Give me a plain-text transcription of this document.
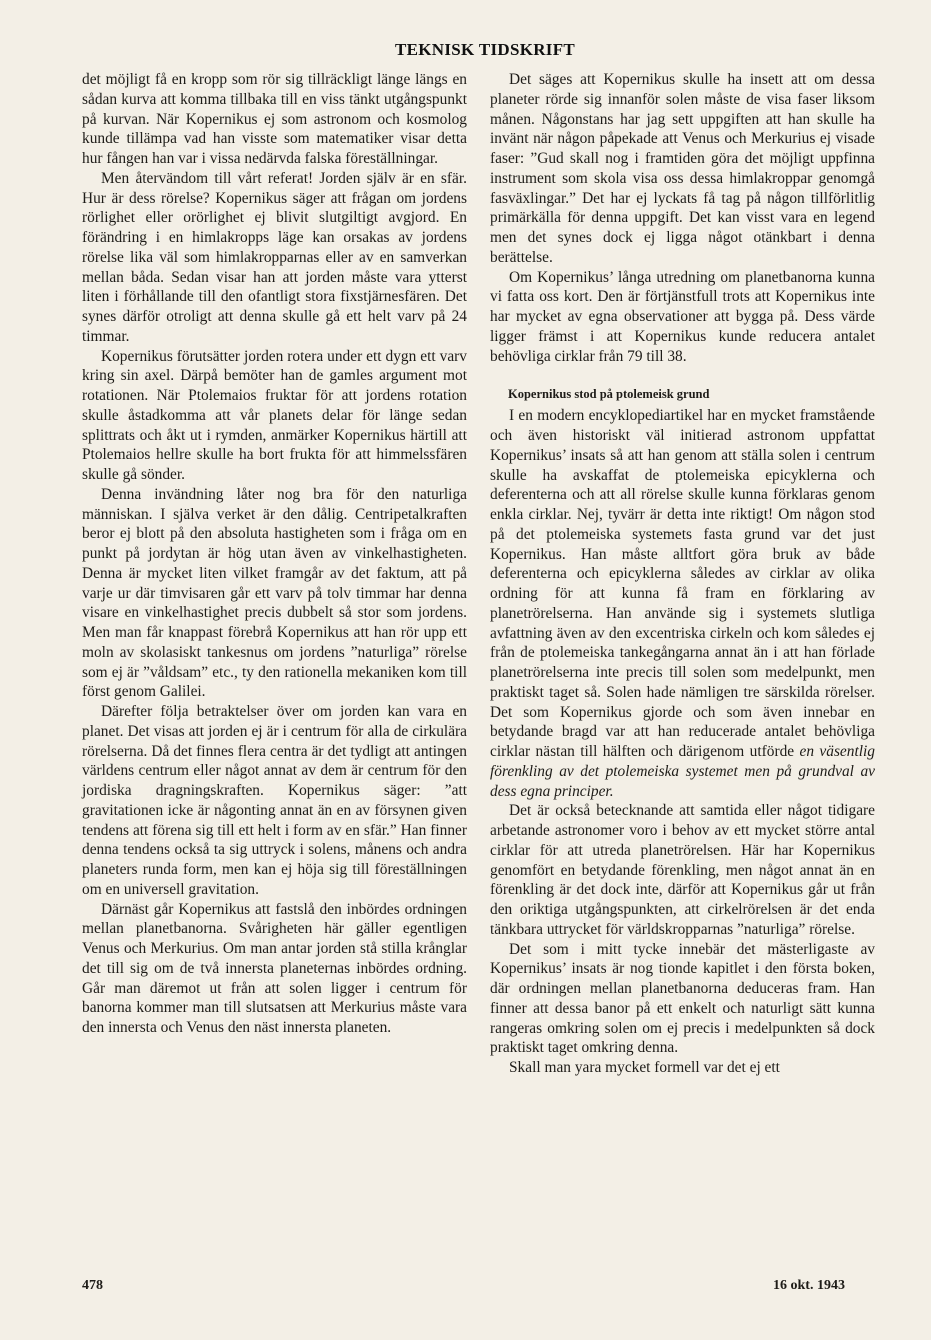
TEKNISK TIDSKRIFT

det möjligt få en kropp som rör sig tillräckligt länge längs en sådan kurva att komma tillbaka till en viss tänkt utgångspunkt på kurvan. När Kopernikus ej som astronom och kosmolog kunde tillämpa vad han visste som matematiker visar detta hur fången han var i vissa nedärvda falska föreställningar.

Men återvändom till vårt referat! Jorden själv är en sfär. Hur är dess rörelse? Kopernikus säger att frågan om jordens rörlighet eller orörlighet ej blivit slutgiltigt avgjord. En förändring i en himlakropps läge kan orsakas av jordens rörelse lika väl som himlakropparnas eller av en samverkan mellan båda. Sedan visar han att jorden måste vara ytterst liten i förhållande till den ofantligt stora fixstjärnesfären. Det synes därför otroligt att denna skulle gå ett helt varv på 24 timmar.

Kopernikus förutsätter jorden rotera under ett dygn ett varv kring sin axel. Därpå bemöter han de gamles argument mot rotationen. När Ptolemaios fruktar för att jordens rotation skulle åstadkomma att vår planets delar för länge sedan splittrats och åkt ut i rymden, anmärker Kopernikus härtill att Ptolemaios hellre skulle ha bort frukta för att himmelssfären skulle gå sönder.

Denna invändning låter nog bra för den naturliga människan. I själva verket är den dålig. Centripetalkraften beror ej blott på den absoluta hastigheten som i fråga om en punkt på jordytan är hög utan även av vinkelhastigheten. Denna är mycket liten vilket framgår av det faktum, att på varje ur där timvisaren går ett varv på tolv timmar har denna visare en vinkelhastighet precis dubbelt så stor som jordens. Men man får knappast förebrå Kopernikus att han rör upp ett moln av skolasiskt tankesnus om jordens ”naturliga” rörelse som ej är ”våldsam” etc., ty den rationella mekaniken kom till först genom Galilei.

Därefter följa betraktelser över om jorden kan vara en planet. Det visas att jorden ej är i centrum för alla de cirkulära rörelserna. Då det finnes flera centra är det tydligt att antingen världens centrum eller något annat av dem är centrum för den jordiska dragningskraften. Kopernikus säger: ”att gravitationen icke är någonting annat än en av försynen given tendens att förena sig till ett helt i form av en sfär.” Han finner denna tendens också ta sig uttryck i solens, månens och andra planeters runda form, men kan ej höja sig till föreställningen om en universell gravitation.

Därnäst går Kopernikus att fastslå den inbördes ordningen mellan planetbanorna. Svårigheten här gäller egentligen Venus och Merkurius. Om man antar jorden stå stilla krånglar det till sig om de två innersta planeternas inbördes ordning. Går man däremot ut från att solen ligger i centrum för banorna kommer man till slutsatsen att Merkurius måste vara den innersta och Venus den näst innersta planeten.

Det säges att Kopernikus skulle ha insett att om dessa planeter rörde sig innanför solen måste de visa faser liksom månen. Någonstans har jag sett uppgiften att han skulle ha invänt när någon påpekade att Venus och Merkurius ej visade faser: ”Gud skall nog i framtiden göra det möjligt uppfinna instrument som skola visa oss dessa himlakroppar genomgå fasväxlingar.” Det har ej lyckats få tag på någon tillförlitlig primärkälla för denna uppgift. Det kan visst vara en legend men det synes dock ej ligga något otänkbart i denna berättelse.

Om Kopernikus’ långa utredning om planetbanorna kunna vi fatta oss kort. Den är förtjänstfull trots att Kopernikus inte har mycket av egna observationer att bygga på. Dess värde ligger främst i att Kopernikus kunde reducera antalet behövliga cirklar från 79 till 38.

Kopernikus stod på ptolemeisk grund

I en modern encyklopediartikel har en mycket framstående och även historiskt väl initierad astronom uppfattat Kopernikus’ insats så att han genom att ställa solen i centrum skulle ha avskaffat de ptolemeiska epicyklerna och deferenterna och att all rörelse skulle kunna förklaras genom enkla cirklar. Nej, tyvärr är detta inte riktigt! Om någon stod på det ptolemeiska systemets fasta grund var det just Kopernikus. Han måste alltfort göra bruk av både deferenterna och epicyklerna således av cirklar av olika ordning för att kunna få fram en förklaring av planetrörelserna. Han använde sig i systemets slutliga avfattning även av den excentriska cirkeln och kom således ej från de ptolemeiska tankegångarna annat än i att han förlade planetrörelserna inte precis till solen som medelpunkt, men praktiskt taget så. Solen hade nämligen tre särskilda rörelser. Det som Kopernikus gjorde och som även innebar en betydande bragd var att han reducerade antalet behövliga cirklar nästan till hälften och därigenom utförde en väsentlig förenkling av det ptolemeiska systemet men på grundval av dess egna principer.

Det är också betecknande att samtida eller något tidigare arbetande astronomer voro i behov av ett mycket större antal cirklar för att utreda planetrörelsen. Här har Kopernikus genomfört en betydande förenkling, men något annat än en förenkling är det dock inte, därför att Kopernikus går ut från den oriktiga utgångspunkten, att cirkelrörelsen är det enda tänkbara uttrycket för världskropparnas ”naturliga” rörelse.

Det som i mitt tycke innebär det mästerligaste av Kopernikus’ insats är nog tionde kapitlet i den första boken, där ordningen mellan planetbanorna deduceras fram. Han finner att dessa banor på ett enkelt och naturligt sätt kunna rangeras omkring solen om ej precis i medelpunkten så dock praktiskt taget omkring denna.

Skall man yara mycket formell var det ej ett

478	16 okt. 1943
